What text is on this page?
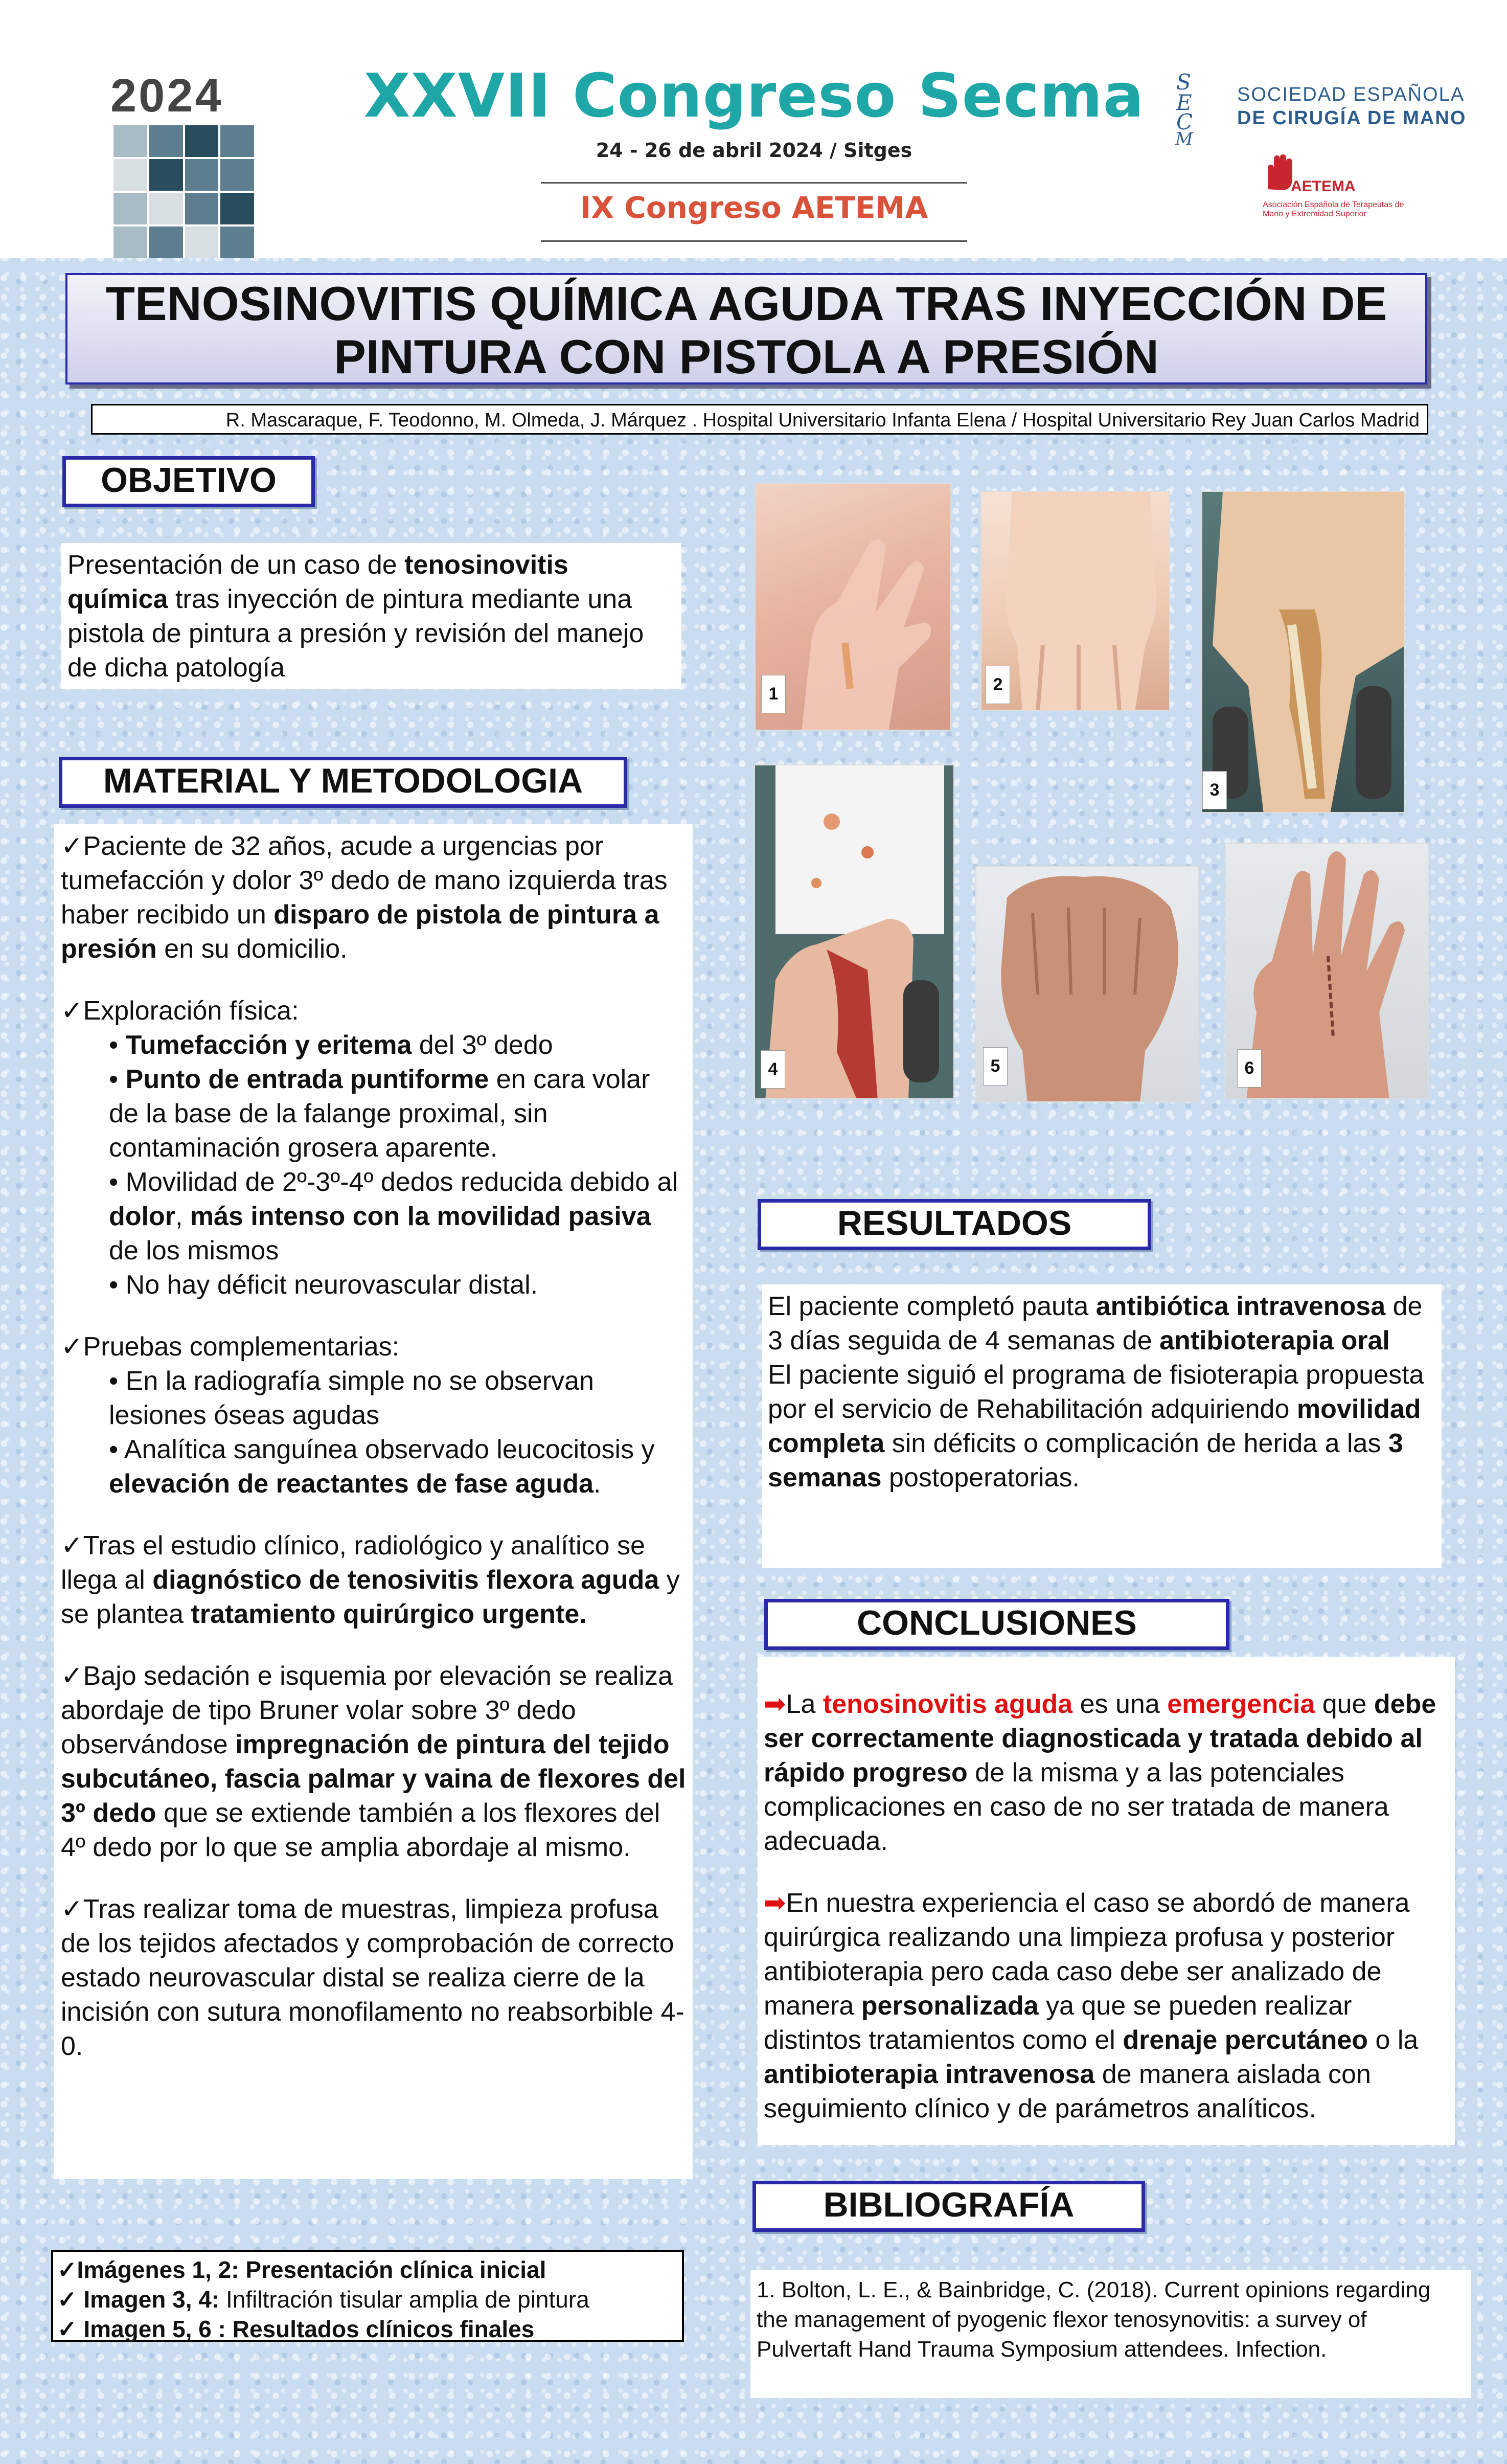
2024 XXVII Congreso Secma
24 - 26 de abril 2024 / Sitges
IX Congreso AETEMA
S
E
C
M
SOCIEDAD ESPAÑOLA
DE CIRUGÍA DE MANO
AETEMA
Asociación Española de Terapeutas de Mano y Extremidad Superior
TENOSINOVITIS QUÍMICA AGUDA TRAS INYECCIÓN DE
PINTURA CON PISTOLA A PRESIÓN
R. Mascaraque, F. Teodonno, M. Olmeda, J. Márquez . Hospital Universitario Infanta Elena / Hospital Universitario Rey Juan Carlos Madrid
OBJETIVO
Presentación de un caso de tenosinovitis química tras inyección de pintura mediante una pistola de pintura a presión y revisión del manejo de dicha patología
MATERIAL Y METODOLOGIA
✓Paciente de 32 años, acude a urgencias por tumefacción y dolor 3º dedo de mano izquierda tras haber recibido un disparo de pistola de pintura a presión en su domicilio.
✓Exploración física:
• Tumefacción y eritema del 3º dedo
• Punto de entrada puntiforme en cara volar de la base de la falange proximal, sin contaminación grosera aparente.
• Movilidad de 2º-3º-4º dedos reducida debido al dolor, más intenso con la movilidad pasiva de los mismos
• No hay déficit neurovascular distal.
✓Pruebas complementarias:
• En la radiografía simple no se observan lesiones óseas agudas
• Analítica sanguínea observado leucocitosis y elevación de reactantes de fase aguda.
✓Tras el estudio clínico, radiológico y analítico se llega al diagnóstico de tenosivitis flexora aguda y se plantea tratamiento quirúrgico urgente.
✓Bajo sedación e isquemia por elevación se realiza abordaje de tipo Bruner volar sobre 3º dedo observándose impregnación de pintura del tejido subcutáneo, fascia palmar y vaina de flexores del 3º dedo que se extiende también a los flexores del 4º dedo por lo que se amplia abordaje al mismo.
✓Tras realizar toma de muestras, limpieza profusa de los tejidos afectados y comprobación de correcto estado neurovascular distal se realiza cierre de la incisión con sutura monofilamento no reabsorbible 4-0.
✓Imágenes 1, 2: Presentación clínica inicial
✓ Imagen 3, 4: Infiltración tisular amplia de pintura
✓ Imagen 5, 6 : Resultados clínicos finales
1	2
3
4	5	6
RESULTADOS
El paciente completó pauta antibiótica intravenosa de 3 días seguida de 4 semanas de antibioterapia oral
El paciente siguió el programa de fisioterapia propuesta por el servicio de Rehabilitación adquiriendo movilidad completa sin déficits o complicación de herida a las 3 semanas postoperatorias.
CONCLUSIONES
➡La tenosinovitis aguda es una emergencia que debe ser correctamente diagnosticada y tratada debido al rápido progreso de la misma y a las potenciales complicaciones en caso de no ser tratada de manera adecuada.
➡En nuestra experiencia el caso se abordó de manera quirúrgica realizando una limpieza profusa y posterior antibioterapia pero cada caso debe ser analizado de manera personalizada ya que se pueden realizar distintos tratamientos como el drenaje percutáneo o la antibioterapia intravenosa de manera aislada con seguimiento clínico y de parámetros analíticos.
BIBLIOGRAFÍA
1. Bolton, L. E., & Bainbridge, C. (2018). Current opinions regarding the management of pyogenic flexor tenosynovitis: a survey of Pulvertaft Hand Trauma Symposium attendees. Infection.
